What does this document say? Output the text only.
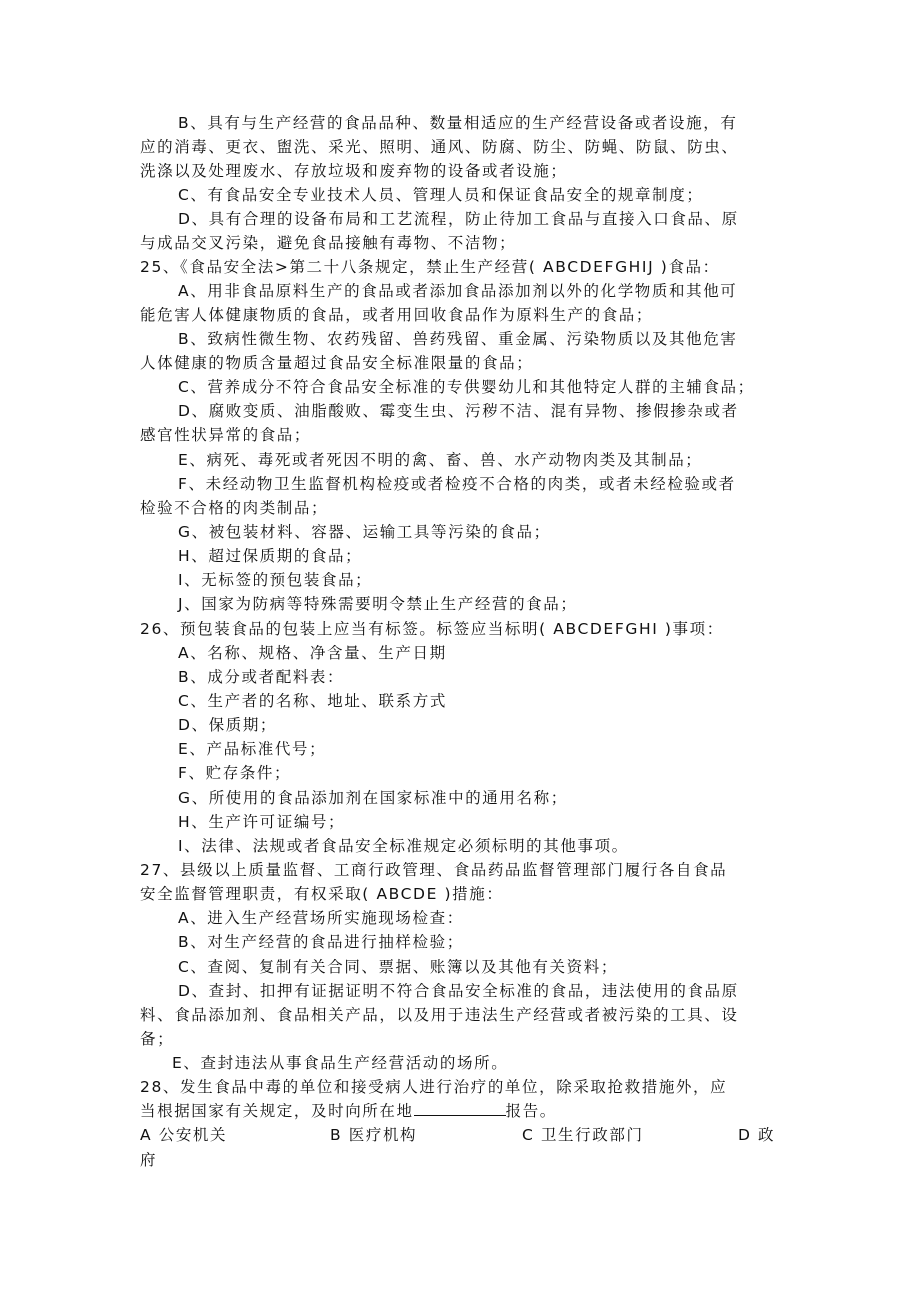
B、具有与生产经营的食品品种、数量相适应的生产经营设备或者设施，有
应的消毒、更衣、盥洗、采光、照明、通风、防腐、防尘、防蝇、防鼠、防虫、
洗涤以及处理废水、存放垃圾和废弃物的设备或者设施；
C、有食品安全专业技术人员、管理人员和保证食品安全的规章制度；
D、具有合理的设备布局和工艺流程，防止待加工食品与直接入口食品、原
与成品交叉污染，避免食品接触有毒物、不洁物；
25、《食品安全法>第二十八条规定，禁止生产经营( ABCDEFGHIJ )食品：
A、用非食品原料生产的食品或者添加食品添加剂以外的化学物质和其他可
能危害人体健康物质的食品，或者用回收食品作为原料生产的食品；
B、致病性微生物、农药残留、兽药残留、重金属、污染物质以及其他危害
人体健康的物质含量超过食品安全标准限量的食品；
C、营养成分不符合食品安全标准的专供婴幼儿和其他特定人群的主辅食品；
D、腐败变质、油脂酸败、霉变生虫、污秽不洁、混有异物、掺假掺杂或者
感官性状异常的食品；
E、病死、毒死或者死因不明的禽、畜、兽、水产动物肉类及其制品；
F、未经动物卫生监督机构检疫或者检疫不合格的肉类，或者未经检验或者
检验不合格的肉类制品；
G、被包装材料、容器、运输工具等污染的食品；
H、超过保质期的食品；
I、无标签的预包装食品；
J、国家为防病等特殊需要明令禁止生产经营的食品；
26、预包装食品的包装上应当有标签。标签应当标明( ABCDEFGHI )事项：
A、名称、规格、净含量、生产日期
B、成分或者配料表：
C、生产者的名称、地址、联系方式
D、保质期；
E、产品标准代号；
F、贮存条件；
G、所使用的食品添加剂在国家标准中的通用名称；
H、生产许可证编号；
I、法律、法规或者食品安全标准规定必须标明的其他事项。
27、县级以上质量监督、工商行政管理、食品药品监督管理部门履行各自食品
安全监督管理职责，有权采取( ABCDE )措施：
A、进入生产经营场所实施现场检查：
B、对生产经营的食品进行抽样检验；
C、查阅、复制有关合同、票据、账簿以及其他有关资料；
D、查封、扣押有证据证明不符合食品安全标准的食品，违法使用的食品原
料、食品添加剂、食品相关产品，以及用于违法生产经营或者被污染的工具、设
备；
E、查封违法从事食品生产经营活动的场所。
28、发生食品中毒的单位和接受病人进行治疗的单位，除采取抢救措施外，应
当根据国家有关规定，及时向所在地	报告。
A 公安机关	B 医疗机构	C 卫生行政部门	D 政
府
